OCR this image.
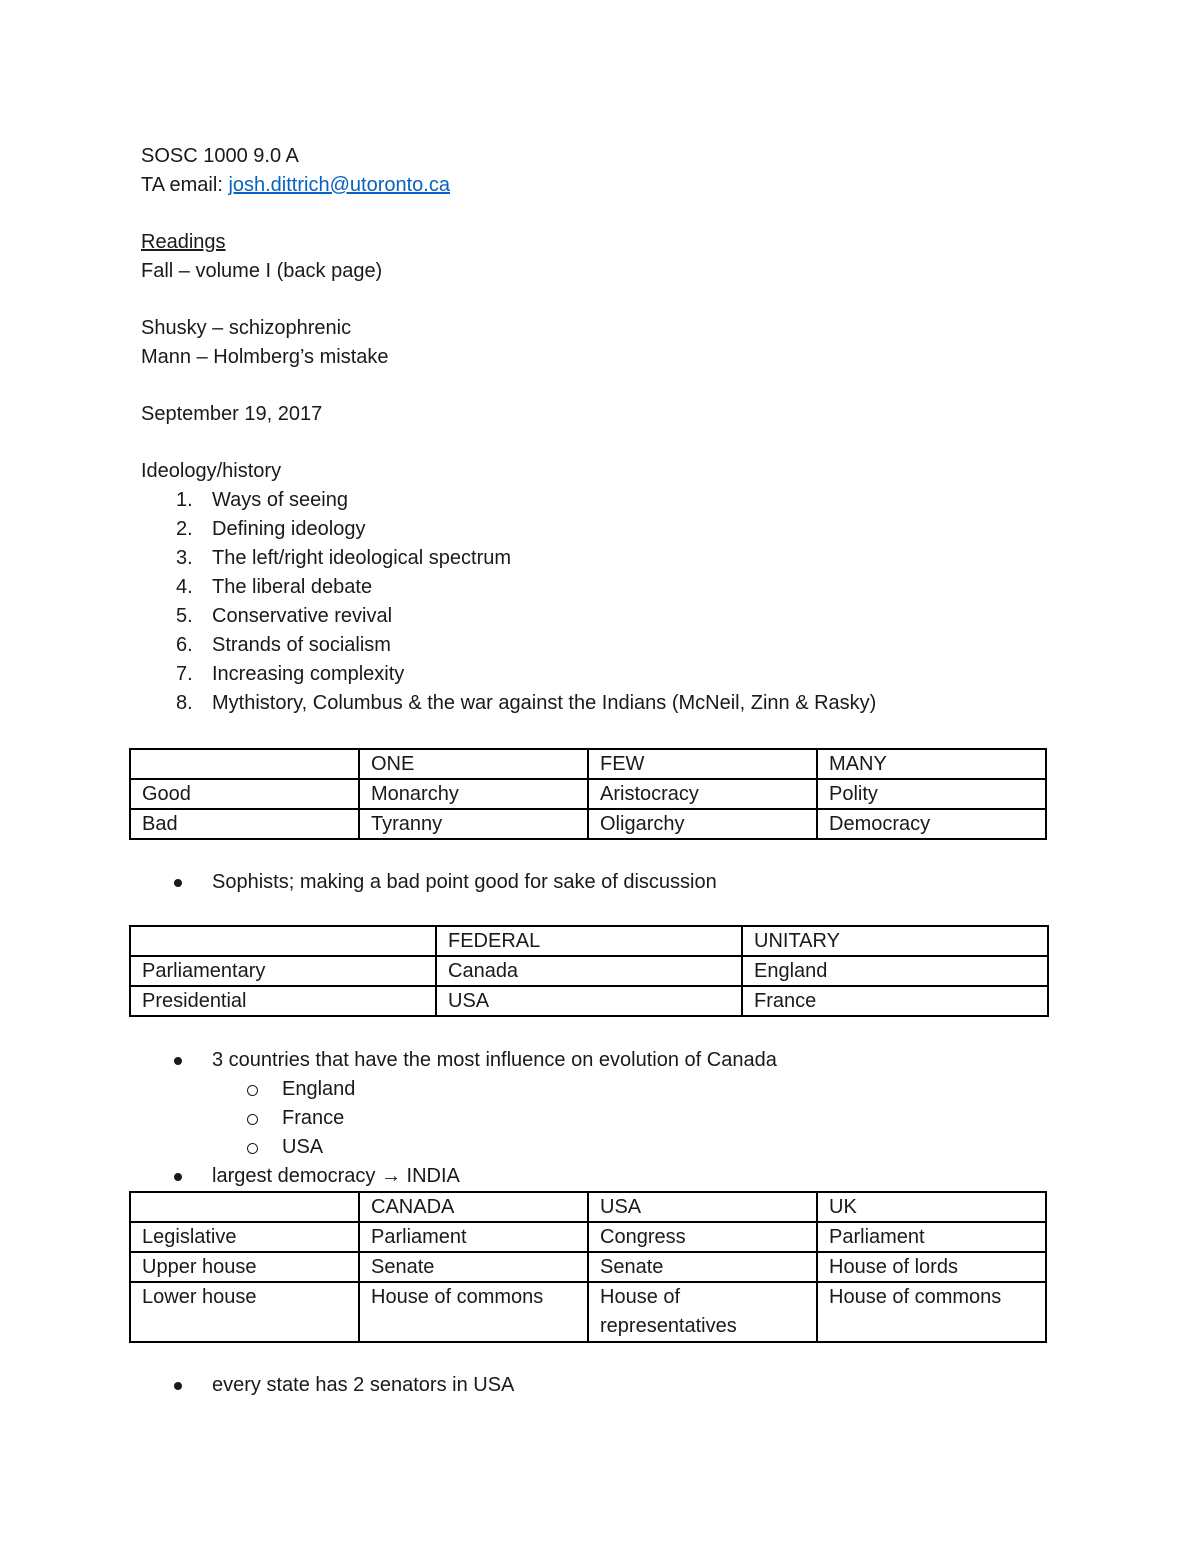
SOSC 1000 9.0 A
TA email: josh.dittrich@utoronto.ca
Readings
Fall – volume I (back page)
Shusky – schizophrenic
Mann – Holmberg’s mistake
September 19, 2017
Ideology/history
1. Ways of seeing
2. Defining ideology
3. The left/right ideological spectrum
4. The liberal debate
5. Conservative revival
6. Strands of socialism
7. Increasing complexity
8. Mythistory, Columbus & the war against the Indians (McNeil, Zinn & Rasky)
	ONE	FEW	MANY
Good	Monarchy	Aristocracy	Polity
Bad	Tyranny	Oligarchy	Democracy
Sophists; making a bad point good for sake of discussion
	FEDERAL	UNITARY
Parliamentary	Canada	England
Presidential	USA	France
3 countries that have the most influence on evolution of Canada
England
France
USA
largest democracy → INDIA
	CANADA	USA	UK
Legislative	Parliament	Congress	Parliament
Upper house	Senate	Senate	House of lords
Lower house	House of commons	House of representatives	House of commons
every state has 2 senators in USA
